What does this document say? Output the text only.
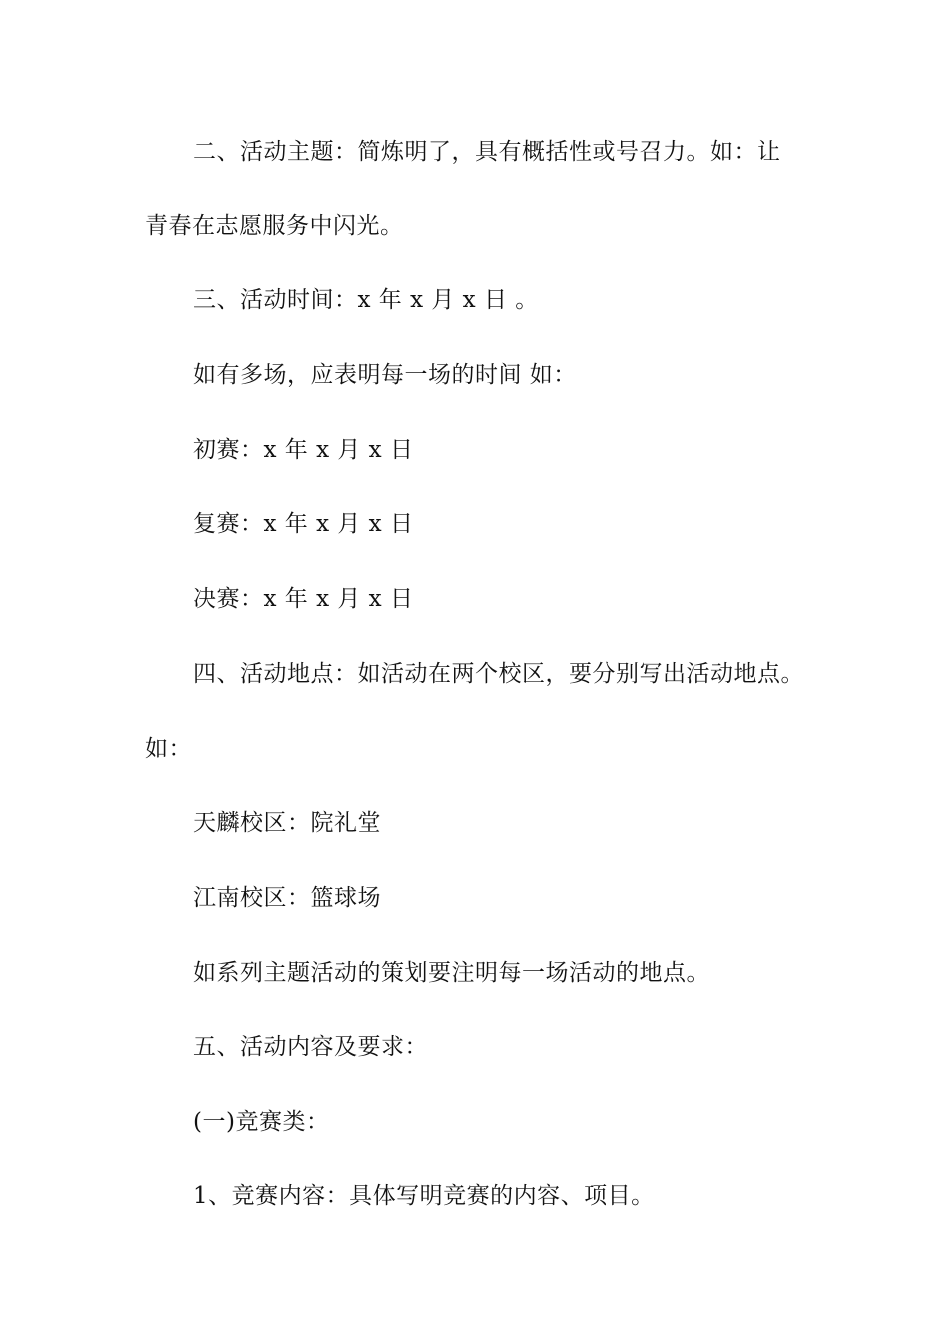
二、活动主题：简炼明了，具有概括性或号召力。如：让
青春在志愿服务中闪光。
三、活动时间：x 年 x 月 x 日 。
如有多场，应表明每一场的时间 如：
初赛：x 年 x 月 x 日
复赛：x 年 x 月 x 日
决赛：x 年 x 月 x 日
四、活动地点：如活动在两个校区，要分别写出活动地点。
如：
天麟校区：院礼堂
江南校区：篮球场
如系列主题活动的策划要注明每一场活动的地点。
五、活动内容及要求：
(一)竞赛类：
1、竞赛内容：具体写明竞赛的内容、项目。
